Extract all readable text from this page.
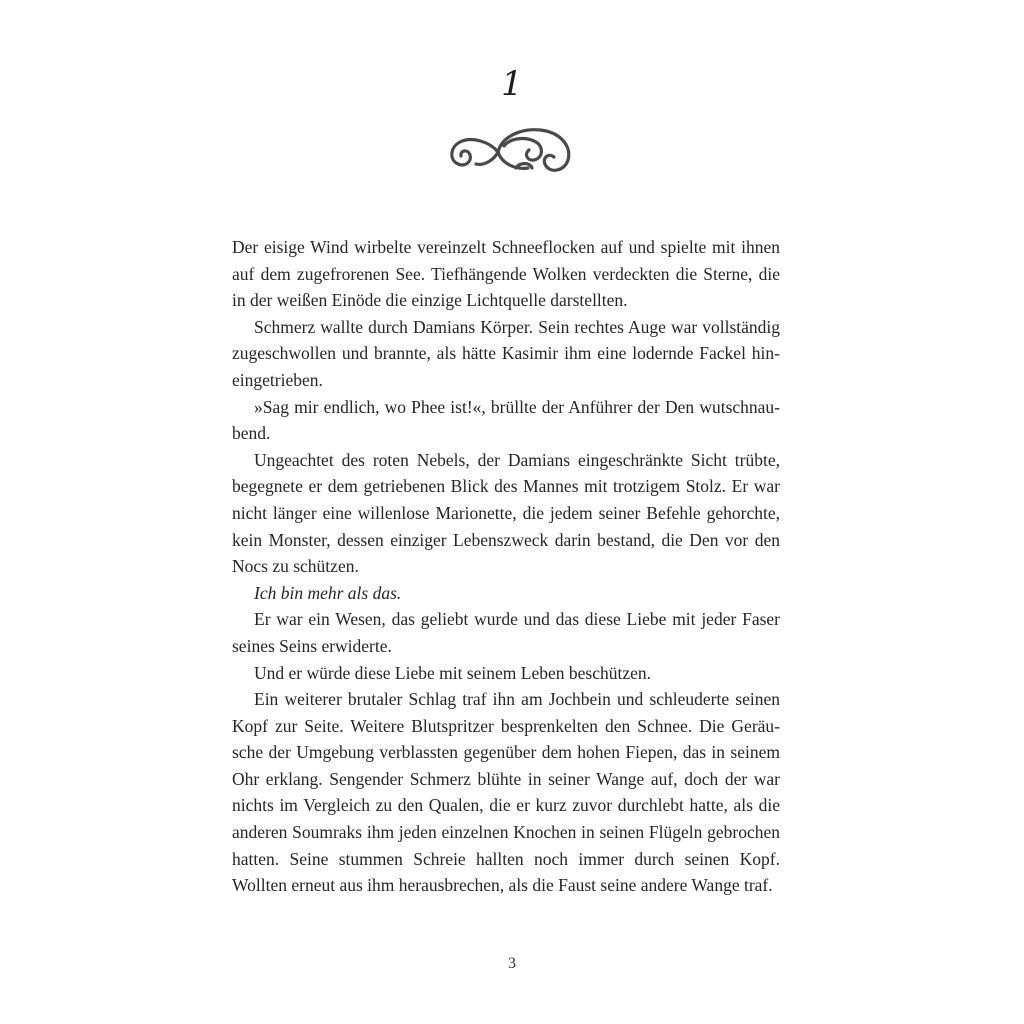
1

Der eisige Wind wirbelte vereinzelt Schneeflocken auf und spielte mit ihnen auf dem zugefrorenen See. Tiefhängende Wolken verdeckten die Sterne, die in der weißen Einöde die einzige Lichtquelle darstellten.

Schmerz wallte durch Damians Körper. Sein rechtes Auge war vollständig zugeschwollen und brannte, als hätte Kasimir ihm eine lodernde Fackel hineingetrieben.

»Sag mir endlich, wo Phee ist!«, brüllte der Anführer der Den wutschnaubend.

Ungeachtet des roten Nebels, der Damians eingeschränkte Sicht trübte, begegnete er dem getriebenen Blick des Mannes mit trotzigem Stolz. Er war nicht länger eine willenlose Marionette, die jedem seiner Befehle gehorchte, kein Monster, dessen einziger Lebenszweck darin bestand, die Den vor den Nocs zu schützen.

Ich bin mehr als das.

Er war ein Wesen, das geliebt wurde und das diese Liebe mit jeder Faser seines Seins erwiderte.

Und er würde diese Liebe mit seinem Leben beschützen.

Ein weiterer brutaler Schlag traf ihn am Jochbein und schleuderte seinen Kopf zur Seite. Weitere Blutspritzer besprenkelten den Schnee. Die Geräusche der Umgebung verblassten gegenüber dem hohen Fiepen, das in seinem Ohr erklang. Sengender Schmerz blühte in seiner Wange auf, doch der war nichts im Vergleich zu den Qualen, die er kurz zuvor durchlebt hatte, als die anderen Soumraks ihm jeden einzelnen Knochen in seinen Flügeln gebrochen hatten. Seine stummen Schreie hallten noch immer durch seinen Kopf. Wollten erneut aus ihm herausbrechen, als die Faust seine andere Wange traf.

3
